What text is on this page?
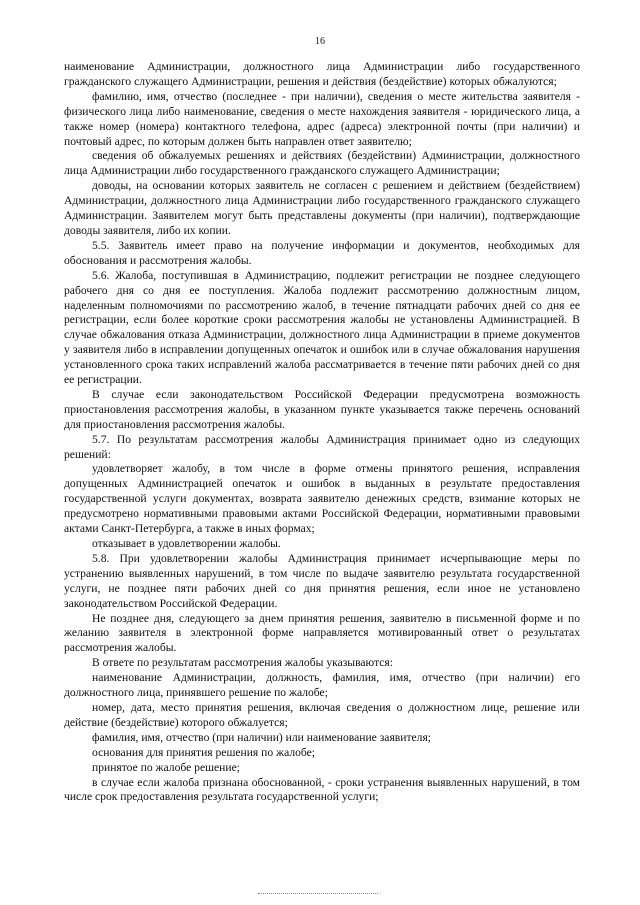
16

наименование Администрации, должностного лица Администрации либо государственного гражданского служащего Администрации, решения и действия (бездействие) которых обжалуются;

фамилию, имя, отчество (последнее - при наличии), сведения о месте жительства заявителя - физического лица либо наименование, сведения о месте нахождения заявителя - юридического лица, а также номер (номера) контактного телефона, адрес (адреса) электронной почты (при наличии) и почтовый адрес, по которым должен быть направлен ответ заявителю;

сведения об обжалуемых решениях и действиях (бездействии) Администрации, должностного лица Администрации либо государственного гражданского служащего Администрации;

доводы, на основании которых заявитель не согласен с решением и действием (бездействием) Администрации, должностного лица Администрации либо государственного гражданского служащего Администрации. Заявителем могут быть представлены документы (при наличии), подтверждающие доводы заявителя, либо их копии.

5.5. Заявитель имеет право на получение информации и документов, необходимых для обоснования и рассмотрения жалобы.

5.6. Жалоба, поступившая в Администрацию, подлежит регистрации не позднее следующего рабочего дня со дня ее поступления. Жалоба подлежит рассмотрению должностным лицом, наделенным полномочиями по рассмотрению жалоб, в течение пятнадцати рабочих дней со дня ее регистрации, если более короткие сроки рассмотрения жалобы не установлены Администрацией. В случае обжалования отказа Администрации, должностного лица Администрации в приеме документов у заявителя либо в исправлении допущенных опечаток и ошибок или в случае обжалования нарушения установленного срока таких исправлений жалоба рассматривается в течение пяти рабочих дней со дня ее регистрации.

В случае если законодательством Российской Федерации предусмотрена возможность приостановления рассмотрения жалобы, в указанном пункте указывается также перечень оснований для приостановления рассмотрения жалобы.

5.7. По результатам рассмотрения жалобы Администрация принимает одно из следующих решений:

удовлетворяет жалобу, в том числе в форме отмены принятого решения, исправления допущенных Администрацией опечаток и ошибок в выданных в результате предоставления государственной услуги документах, возврата заявителю денежных средств, взимание которых не предусмотрено нормативными правовыми актами Российской Федерации, нормативными правовыми актами Санкт-Петербурга, а также в иных формах;

отказывает в удовлетворении жалобы.

5.8. При удовлетворении жалобы Администрация принимает исчерпывающие меры по устранению выявленных нарушений, в том числе по выдаче заявителю результата государственной услуги, не позднее пяти рабочих дней со дня принятия решения, если иное не установлено законодательством Российской Федерации.

Не позднее дня, следующего за днем принятия решения, заявителю в письменной форме и по желанию заявителя в электронной форме направляется мотивированный ответ о результатах рассмотрения жалобы.

В ответе по результатам рассмотрения жалобы указываются:

наименование Администрации, должность, фамилия, имя, отчество (при наличии) его должностного лица, принявшего решение по жалобе;

номер, дата, место принятия решения, включая сведения о должностном лице, решение или действие (бездействие) которого обжалуется;

фамилия, имя, отчество (при наличии) или наименование заявителя;

основания для принятия решения по жалобе;

принятое по жалобе решение;

в случае если жалоба признана обоснованной, - сроки устранения выявленных нарушений, в том числе срок предоставления результата государственной услуги;
